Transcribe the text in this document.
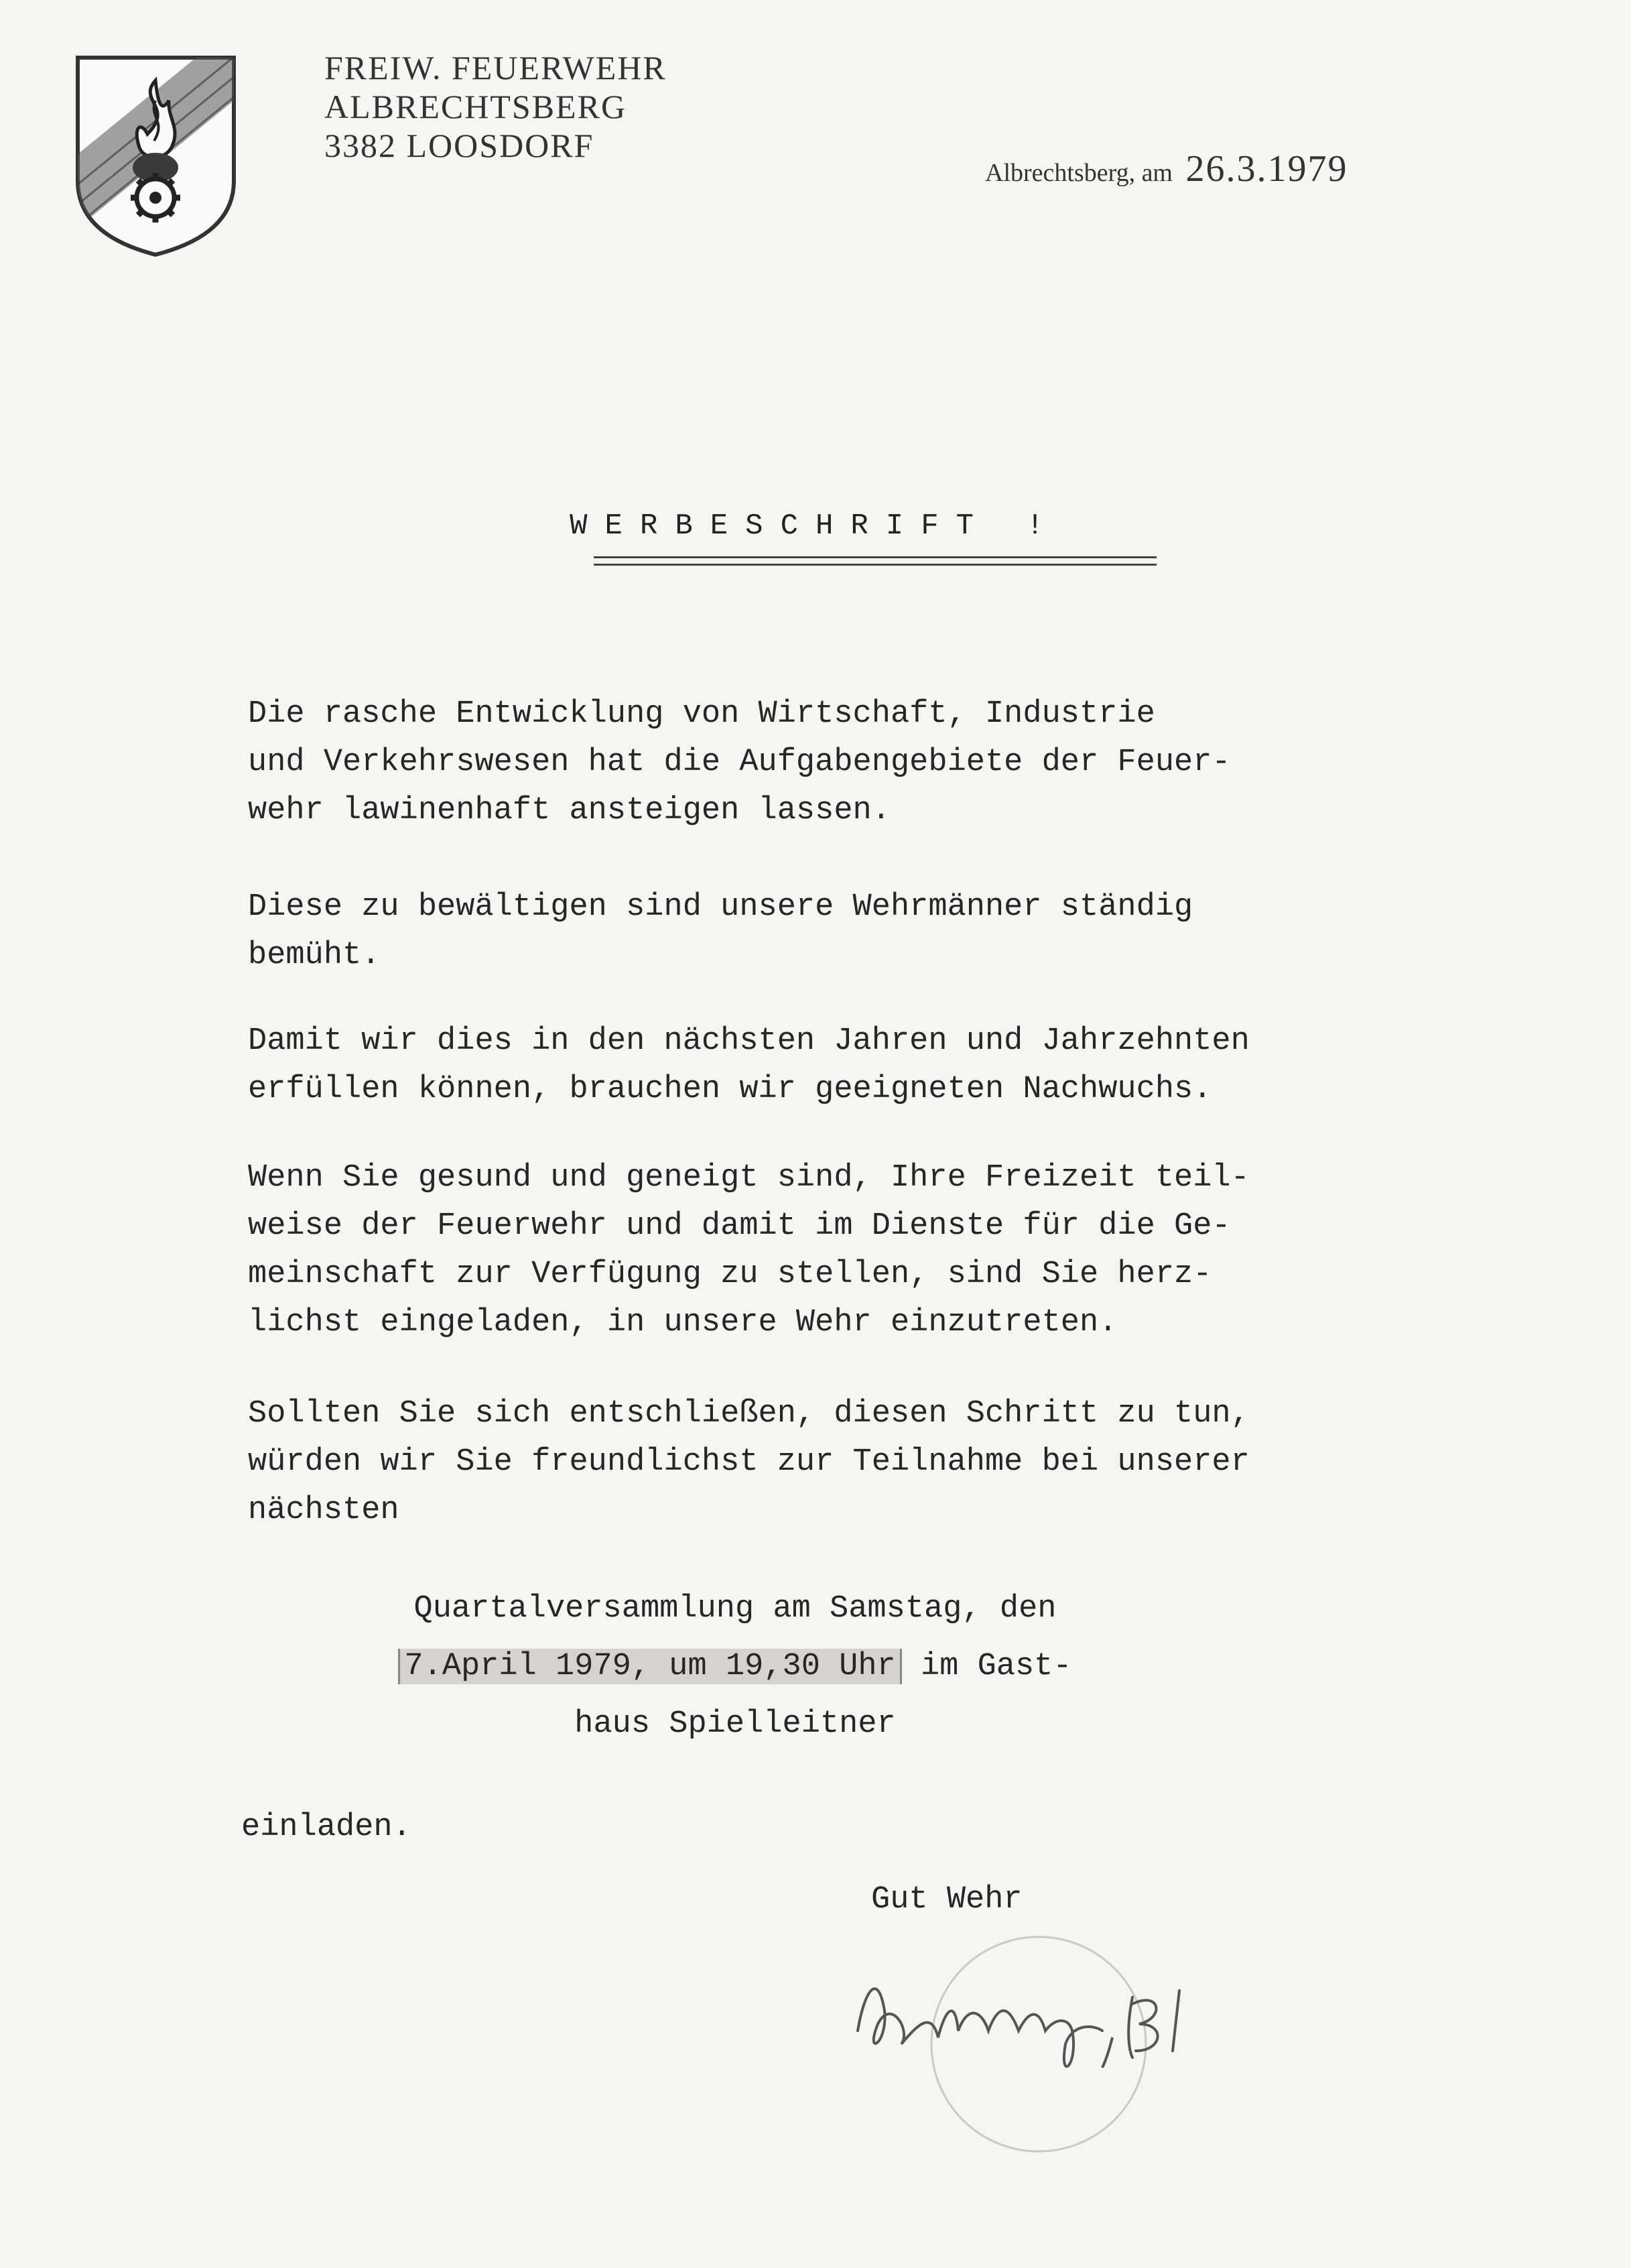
FREIW. FEUERWEHR
ALBRECHTSBERG
3382 LOOSDORF
Albrechtsberg, am 26.3.1979
WERBESCHRIFT !
Die rasche Entwicklung von Wirtschaft, Industrie
und Verkehrswesen hat die Aufgabengebiete der Feuer-
wehr lawinenhaft ansteigen lassen.
Diese zu bewältigen sind unsere Wehrmänner ständig
bemüht.
Damit wir dies in den nächsten Jahren und Jahrzehnten
erfüllen können, brauchen wir geeigneten Nachwuchs.
Wenn Sie gesund und geneigt sind, Ihre Freizeit teil-
weise der Feuerwehr und damit im Dienste für die Ge-
meinschaft zur Verfügung zu stellen, sind Sie herz-
lichst eingeladen, in unsere Wehr einzutreten.
Sollten Sie sich entschließen, diesen Schritt zu tun,
würden wir Sie freundlichst zur Teilnahme bei unserer
nächsten
Quartalversammlung am Samstag, den
7.April 1979, um 19,30 Uhr im Gast-
haus Spielleitner
einladen.
Gut Wehr
